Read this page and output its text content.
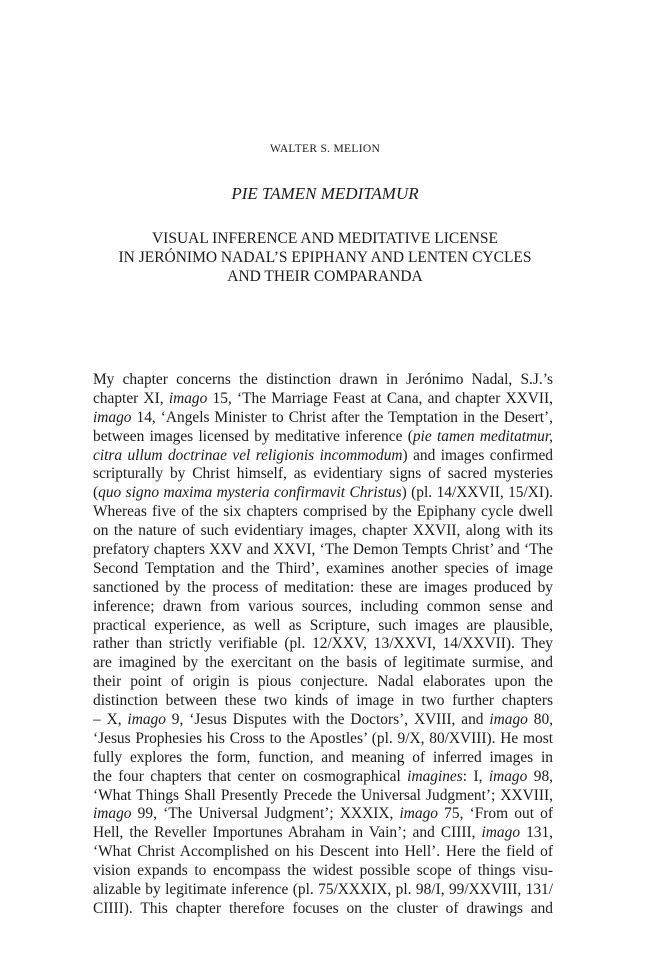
WALTER S. MELION
PIE TAMEN MEDITAMUR
VISUAL INFERENCE AND MEDITATIVE LICENSE
IN JERÓNIMO NADAL’S EPIPHANY AND LENTEN CYCLES
AND THEIR COMPARANDA
My chapter concerns the distinction drawn in Jerónimo Nadal, S.J.’s
chapter XI, imago 15, ‘The Marriage Feast at Cana, and chapter XXVII,
imago 14, ‘Angels Minister to Christ after the Temptation in the Desert’,
between images licensed by meditative inference (pie tamen meditatmur,
citra ullum doctrinae vel religionis incommodum) and images confirmed
scripturally by Christ himself, as evidentiary signs of sacred mysteries
(quo signo maxima mysteria confirmavit Christus) (pl. 14/XXVII, 15/XI).
Whereas five of the six chapters comprised by the Epiphany cycle dwell
on the nature of such evidentiary images, chapter XXVII, along with its
prefatory chapters XXV and XXVI, ‘The Demon Tempts Christ’ and ‘The
Second Temptation and the Third’, examines another species of image
sanctioned by the process of meditation: these are images produced by
inference; drawn from various sources, including common sense and
practical experience, as well as Scripture, such images are plausible,
rather than strictly verifiable (pl. 12/XXV, 13/XXVI, 14/XXVII). They
are imagined by the exercitant on the basis of legitimate surmise, and
their point of origin is pious conjecture. Nadal elaborates upon the
distinction between these two kinds of image in two further chapters
– X, imago 9, ‘Jesus Disputes with the Doctors’, XVIII, and imago 80,
‘Jesus Prophesies his Cross to the Apostles’ (pl. 9/X, 80/XVIII). He most
fully explores the form, function, and meaning of inferred images in
the four chapters that center on cosmographical imagines: I, imago 98,
‘What Things Shall Presently Precede the Universal Judgment’; XXVIII,
imago 99, ‘The Universal Judgment’; XXXIX, imago 75, ‘From out of
Hell, the Reveller Importunes Abraham in Vain’; and CIIII, imago 131,
‘What Christ Accomplished on his Descent into Hell’. Here the field of
vision expands to encompass the widest possible scope of things visu-
alizable by legitimate inference (pl. 75/XXXIX, pl. 98/I, 99/XXVIII, 131/
CIIII). This chapter therefore focuses on the cluster of drawings and
